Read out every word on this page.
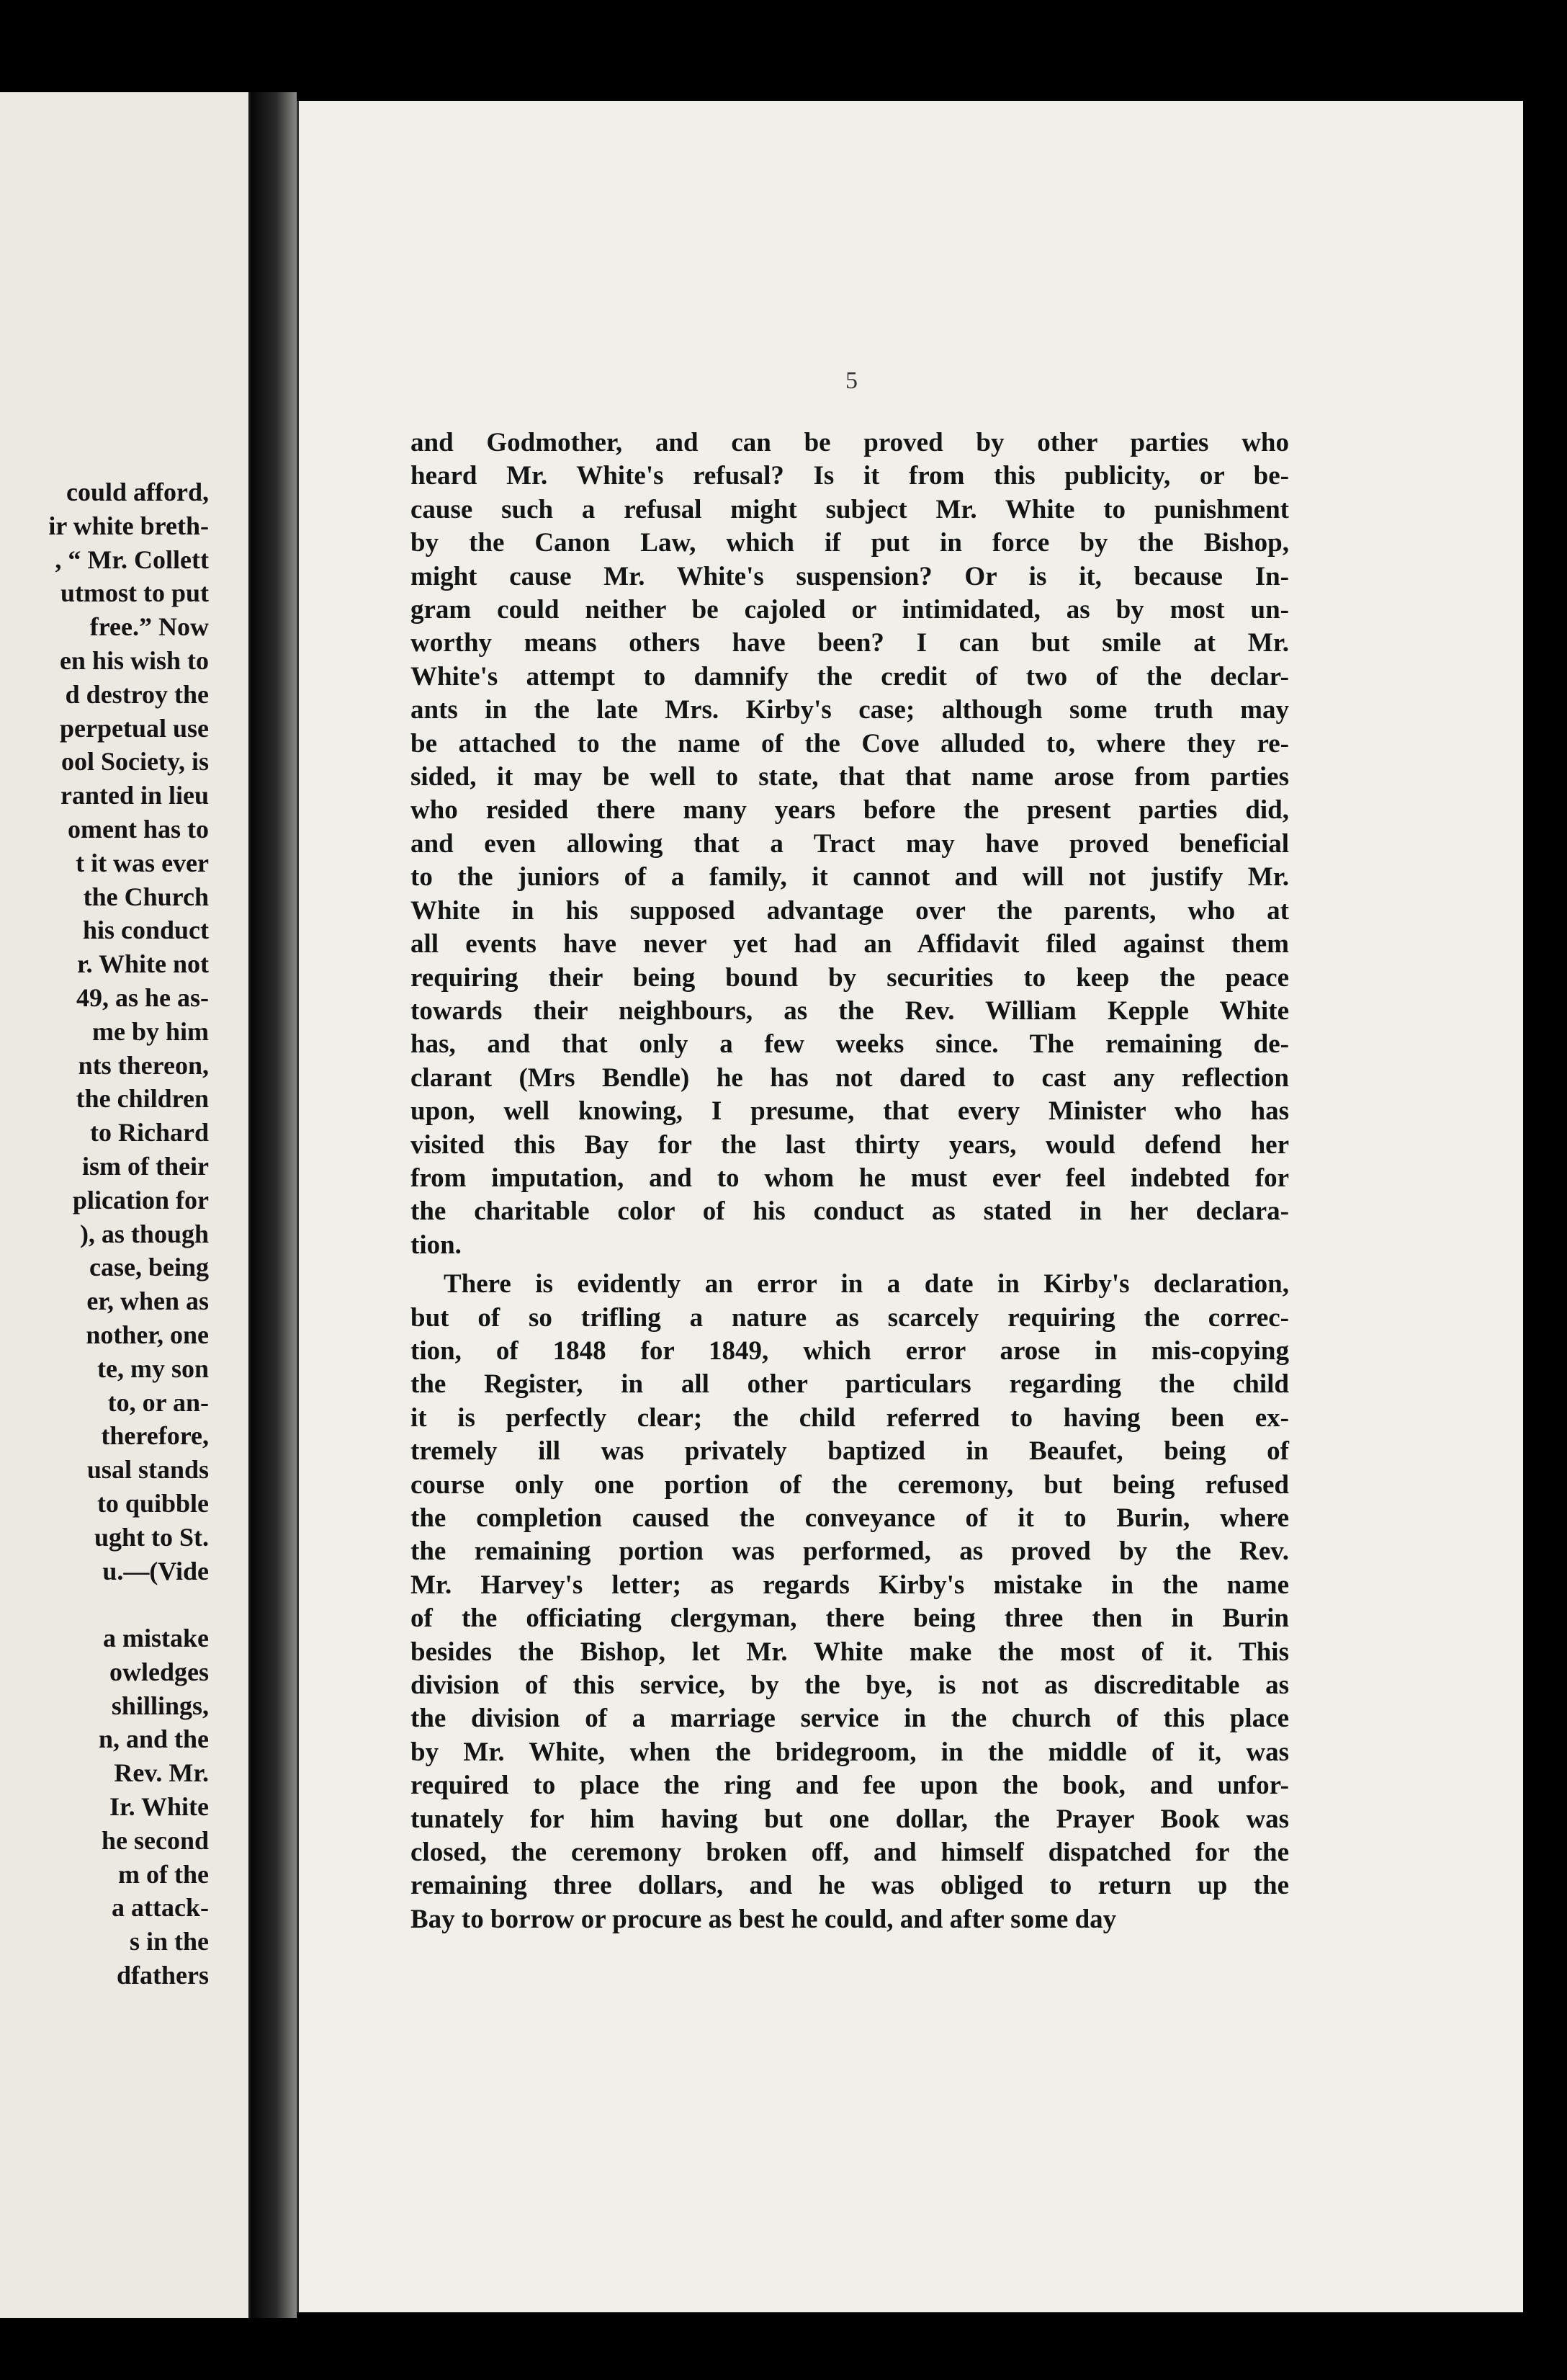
could afford,
ir white breth-
, “ Mr. Collett
utmost to put
free.” Now
en his wish to
d destroy the
perpetual use
ool Society, is
ranted in lieu
oment has to
t it was ever
the Church
his conduct
r. White not
49, as he as-
me by him
nts thereon,
the children
to Richard
ism of their
plication for
), as though
case, being
er, when as
nother, one
te, my son
to, or an-
therefore,
usal stands
to quibble
ught to St.
u.—(Vide

a mistake
owledges
shillings,
n, and the
Rev. Mr.
Ir. White
he second
m of the
a attack-
s in the
dfathers
5

and Godmother, and can be proved by other parties who
heard Mr. White's refusal? Is it from this publicity, or be-
cause such a refusal might subject Mr. White to punishment
by the Canon Law, which if put in force by the Bishop,
might cause Mr. White's suspension? Or is it, because In-
gram could neither be cajoled or intimidated, as by most un-
worthy means others have been? I can but smile at Mr.
White's attempt to damnify the credit of two of the declar-
ants in the late Mrs. Kirby's case; although some truth may
be attached to the name of the Cove alluded to, where they re-
sided, it may be well to state, that that name arose from parties
who resided there many years before the present parties did,
and even allowing that a Tract may have proved beneficial
to the juniors of a family, it cannot and will not justify Mr.
White in his supposed advantage over the parents, who at
all events have never yet had an Affidavit filed against them
requiring their being bound by securities to keep the peace
towards their neighbours, as the Rev. William Kepple White
has, and that only a few weeks since. The remaining de-
clarant (Mrs Bendle) he has not dared to cast any reflection
upon, well knowing, I presume, that every Minister who has
visited this Bay for the last thirty years, would defend her
from imputation, and to whom he must ever feel indebted for
the charitable color of his conduct as stated in her declara-
tion.

There is evidently an error in a date in Kirby's declaration,
but of so trifling a nature as scarcely requiring the correc-
tion, of 1848 for 1849, which error arose in mis-copying
the Register, in all other particulars regarding the child
it is perfectly clear; the child referred to having been ex-
tremely ill was privately baptized in Beaufet, being of
course only one portion of the ceremony, but being refused
the completion caused the conveyance of it to Burin, where
the remaining portion was performed, as proved by the Rev.
Mr. Harvey's letter; as regards Kirby's mistake in the name
of the officiating clergyman, there being three then in Burin
besides the Bishop, let Mr. White make the most of it. This
division of this service, by the bye, is not as discreditable as
the division of a marriage service in the church of this place
by Mr. White, when the bridegroom, in the middle of it, was
required to place the ring and fee upon the book, and unfor-
tunately for him having but one dollar, the Prayer Book was
closed, the ceremony broken off, and himself dispatched for the
remaining three dollars, and he was obliged to return up the
Bay to borrow or procure as best he could, and after some day
